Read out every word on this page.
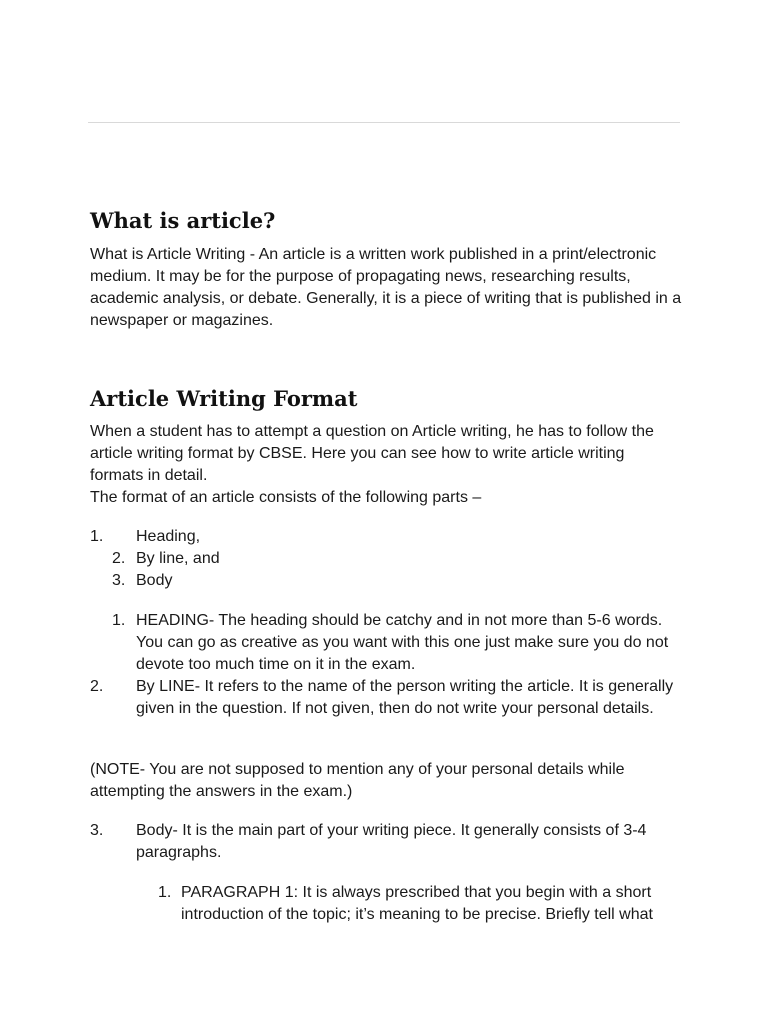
What is article?

What is Article Writing - An article is a written work published in a print/electronic medium. It may be for the purpose of propagating news, researching results, academic analysis, or debate. Generally, it is a piece of writing that is published in a newspaper or magazines.

Article Writing Format

When a student has to attempt a question on Article writing, he has to follow the article writing format by CBSE. Here you can see how to write article writing formats in detail.

The format of an article consists of the following parts –

1.	Heading,
2. By line, and
3. Body
1. HEADING- The heading should be catchy and in not more than 5-6 words. You can go as creative as you want with this one just make sure you do not devote too much time on it in the exam.
2.	By LINE- It refers to the name of the person writing the article. It is generally given in the question. If not given, then do not write your personal details.

(NOTE- You are not supposed to mention any of your personal details while attempting the answers in the exam.)

3.	Body- It is the main part of your writing piece. It generally consists of 3-4 paragraphs.
1. PARAGRAPH 1: It is always prescribed that you begin with a short introduction of the topic; it’s meaning to be precise. Briefly tell what
